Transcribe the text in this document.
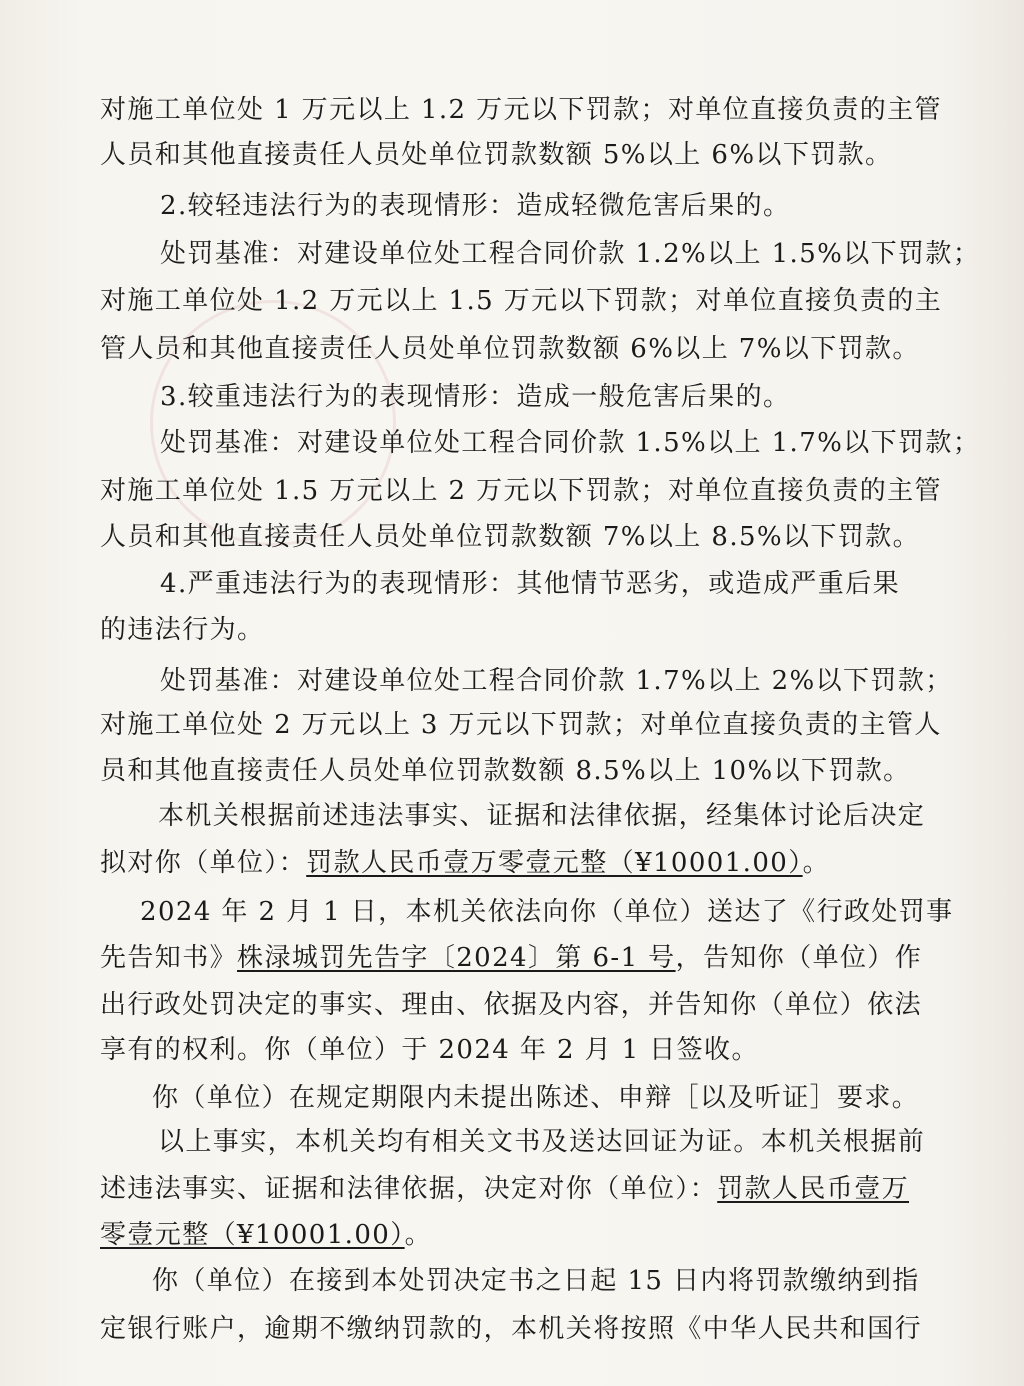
对施工单位处 1 万元以上 1.2 万元以下罚款；对单位直接负责的主管
人员和其他直接责任人员处单位罚款数额 5%以上 6%以下罚款。
2.较轻违法行为的表现情形：造成轻微危害后果的。
处罚基准：对建设单位处工程合同价款 1.2%以上 1.5%以下罚款；
对施工单位处 1.2 万元以上 1.5 万元以下罚款；对单位直接负责的主
管人员和其他直接责任人员处单位罚款数额 6%以上 7%以下罚款。
3.较重违法行为的表现情形：造成一般危害后果的。
处罚基准：对建设单位处工程合同价款 1.5%以上 1.7%以下罚款；
对施工单位处 1.5 万元以上 2 万元以下罚款；对单位直接负责的主管
人员和其他直接责任人员处单位罚款数额 7%以上 8.5%以下罚款。
4.严重违法行为的表现情形：其他情节恶劣，或造成严重后果
的违法行为。
处罚基准：对建设单位处工程合同价款 1.7%以上 2%以下罚款；
对施工单位处 2 万元以上 3 万元以下罚款；对单位直接负责的主管人
员和其他直接责任人员处单位罚款数额 8.5%以上 10%以下罚款。
本机关根据前述违法事实、证据和法律依据，经集体讨论后决定
拟对你（单位）：罚款人民币壹万零壹元整（¥10001.00）。
2024 年 2 月 1 日，本机关依法向你（单位）送达了《行政处罚事
先告知书》株渌城罚先告字〔2024〕第 6-1 号，告知你（单位）作
出行政处罚决定的事实、理由、依据及内容，并告知你（单位）依法
享有的权利。你（单位）于 2024 年 2 月 1 日签收。
你（单位）在规定期限内未提出陈述、申辩［以及听证］要求。
以上事实，本机关均有相关文书及送达回证为证。本机关根据前
述违法事实、证据和法律依据，决定对你（单位）：罚款人民币壹万
零壹元整（¥10001.00）。
你（单位）在接到本处罚决定书之日起 15 日内将罚款缴纳到指
定银行账户，逾期不缴纳罚款的，本机关将按照《中华人民共和国行
